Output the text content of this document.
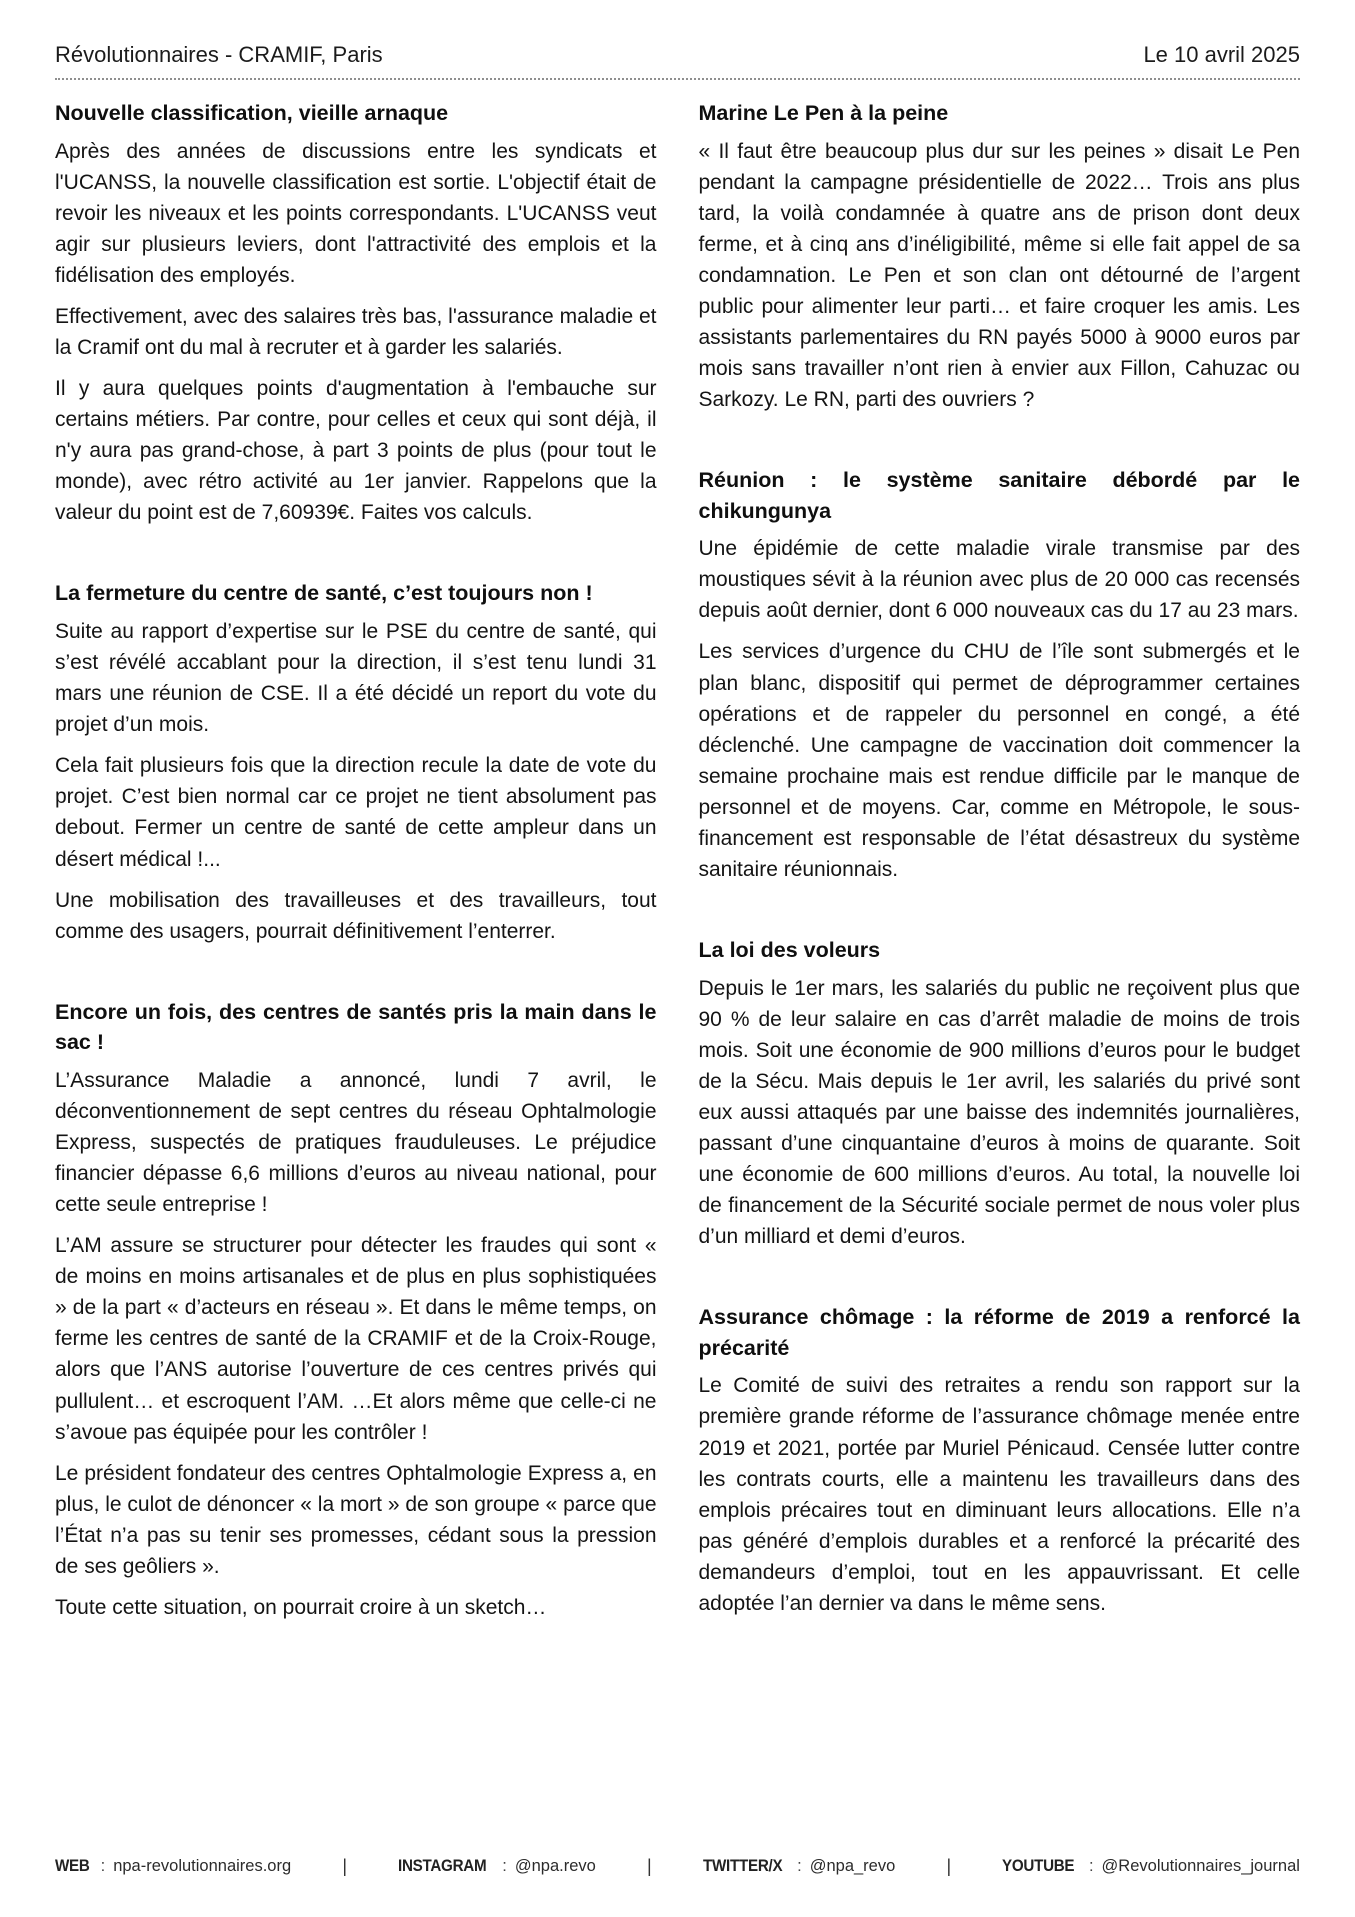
Révolutionnaires - CRAMIF, Paris	Le 10 avril 2025
Nouvelle classification, vieille arnaque

Après des années de discussions entre les syndicats et l'UCANSS, la nouvelle classification est sortie. L'objectif était de revoir les niveaux et les points correspondants. L'UCANSS veut agir sur plusieurs leviers, dont l'attractivité des emplois et la fidélisation des employés.

Effectivement, avec des salaires très bas, l'assurance maladie et la Cramif ont du mal à recruter et à garder les salariés.

Il y aura quelques points d'augmentation à l'embauche sur certains métiers. Par contre, pour celles et ceux qui sont déjà, il n'y aura pas grand-chose, à part 3 points de plus (pour tout le monde), avec rétro activité au 1er janvier. Rappelons que la valeur du point est de 7,60939€. Faites vos calculs.

La fermeture du centre de santé, c’est toujours non !

Suite au rapport d’expertise sur le PSE du centre de santé, qui s’est révélé accablant pour la direction, il s’est tenu lundi 31 mars une réunion de CSE. Il a été décidé un report du vote du projet d’un mois.

Cela fait plusieurs fois que la direction recule la date de vote du projet. C’est bien normal car ce projet ne tient absolument pas debout. Fermer un centre de santé de cette ampleur dans un désert médical !...

Une mobilisation des travailleuses et des travailleurs, tout comme des usagers, pourrait définitivement l’enterrer.

Encore un fois, des centres de santés pris la main dans le sac !

L’Assurance Maladie a annoncé, lundi 7 avril, le déconventionnement de sept centres du réseau Ophtalmologie Express, suspectés de pratiques frauduleuses. Le préjudice financier dépasse 6,6 millions d’euros au niveau national, pour cette seule entreprise !

L’AM assure se structurer pour détecter les fraudes qui sont « de moins en moins artisanales et de plus en plus sophistiquées » de la part « d’acteurs en réseau ». Et dans le même temps, on ferme les centres de santé de la CRAMIF et de la Croix-Rouge, alors que l’ANS autorise l’ouverture de ces centres privés qui pullulent… et escroquent l’AM. …Et alors même que celle-ci ne s’avoue pas équipée pour les contrôler !

Le président fondateur des centres Ophtalmologie Express a, en plus, le culot de dénoncer « la mort » de son groupe « parce que l’État n’a pas su tenir ses promesses, cédant sous la pression de ses geôliers ».

Toute cette situation, on pourrait croire à un sketch…

Marine Le Pen à la peine

« Il faut être beaucoup plus dur sur les peines » disait Le Pen pendant la campagne présidentielle de 2022… Trois ans plus tard, la voilà condamnée à quatre ans de prison dont deux ferme, et à cinq ans d’inéligibilité, même si elle fait appel de sa condamnation. Le Pen et son clan ont détourné de l’argent public pour alimenter leur parti… et faire croquer les amis. Les assistants parlementaires du RN payés 5000 à 9000 euros par mois sans travailler n’ont rien à envier aux Fillon, Cahuzac ou Sarkozy. Le RN, parti des ouvriers ?

Réunion : le système sanitaire débordé par le chikungunya

Une épidémie de cette maladie virale transmise par des moustiques sévit à la réunion avec plus de 20 000 cas recensés depuis août dernier, dont 6 000 nouveaux cas du 17 au 23 mars.

Les services d’urgence du CHU de l’île sont submergés et le plan blanc, dispositif qui permet de déprogrammer certaines opérations et de rappeler du personnel en congé, a été déclenché. Une campagne de vaccination doit commencer la semaine prochaine mais est rendue difficile par le manque de personnel et de moyens. Car, comme en Métropole, le sous-financement est responsable de l’état désastreux du système sanitaire réunionnais.

La loi des voleurs

Depuis le 1er mars, les salariés du public ne reçoivent plus que 90 % de leur salaire en cas d’arrêt maladie de moins de trois mois. Soit une économie de 900 millions d’euros pour le budget de la Sécu. Mais depuis le 1er avril, les salariés du privé sont eux aussi attaqués par une baisse des indemnités journalières, passant d’une cinquantaine d’euros à moins de quarante. Soit une économie de 600 millions d’euros. Au total, la nouvelle loi de financement de la Sécurité sociale permet de nous voler plus d’un milliard et demi d’euros.

Assurance chômage : la réforme de 2019 a renforcé la précarité

Le Comité de suivi des retraites a rendu son rapport sur la première grande réforme de l’assurance chômage menée entre 2019 et 2021, portée par Muriel Pénicaud. Censée lutter contre les contrats courts, elle a maintenu les travailleurs dans des emplois précaires tout en diminuant leurs allocations. Elle n’a pas généré d’emplois durables et a renforcé la précarité des demandeurs d’emploi, tout en les appauvrissant. Et celle adoptée l’an dernier va dans le même sens.

WEB : npa-revolutionnaires.org	|	INSTAGRAM : @npa.revo	|	TWITTER/X : @npa_revo	|	YOUTUBE : @Revolutionnaires_journal
